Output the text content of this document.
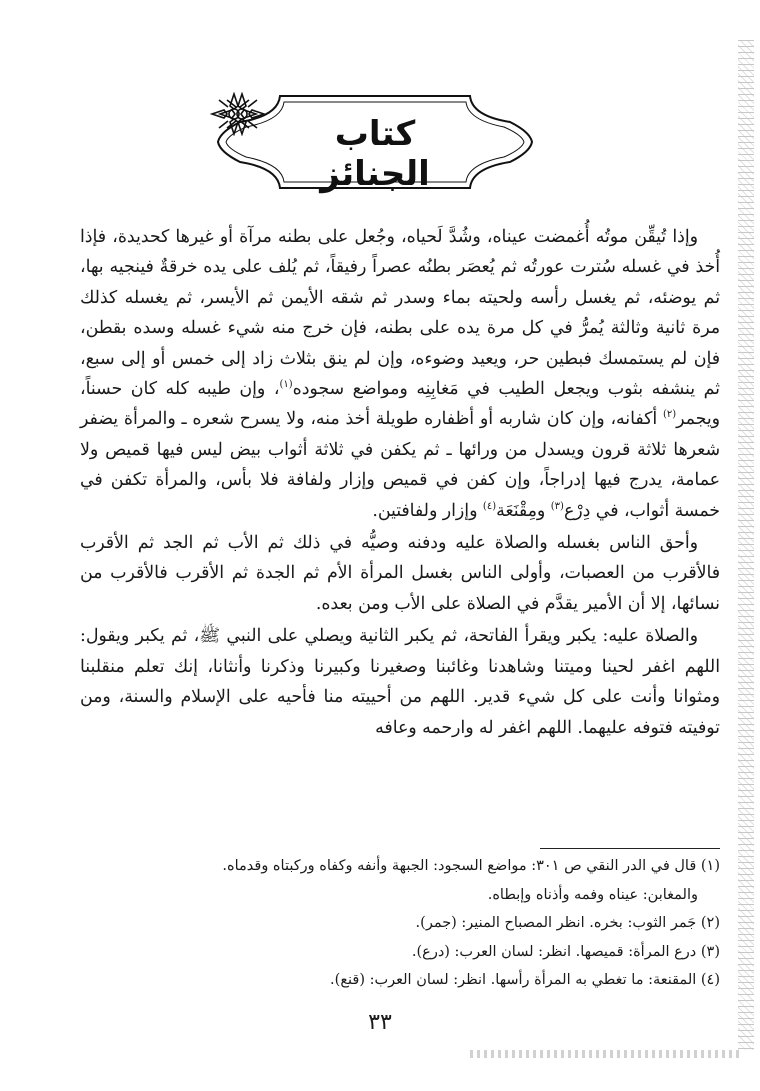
كتاب الجنائز

وإذا تُيقِّن موتُه أُغمضت عيناه، وشُدَّ لَحياه، وجُعل على بطنه مرآة أو غيرها كحديدة، فإذا أُخذ في غسله سُترت عورتُه ثم يُعصَر بطنُه عصراً رفيقاً، ثم يُلف على يده خرقةٌ فينجيه بها، ثم يوضئه، ثم يغسل رأسه ولحيته بماء وسدر ثم شقه الأيمن ثم الأيسر، ثم يغسله كذلك مرة ثانية وثالثة يُمرُّ في كل مرة يده على بطنه، فإن خرج منه شيء غسله وسده بقطن، فإن لم يستمسك فبطين حر، ويعيد وضوءه، وإن لم ينق بثلاث زاد إلى خمس أو إلى سبع، ثم ينشفه بثوب ويجعل الطيب في مَغابِنِه ومواضع سجوده$^{(١)}$، وإن طيبه كله كان حسناً، ويجمر$^{(٢)}$ أكفانه، وإن كان شاربه أو أظفاره طويلة أخذ منه، ولا يسرح شعره ـ والمرأة يضفر شعرها ثلاثة قرون ويسدل من ورائها ـ ثم يكفن في ثلاثة أثواب بيض ليس فيها قميص ولا عمامة، يدرج فيها إدراجاً، وإن كفن في قميص وإزار ولفافة فلا بأس، والمرأة تكفن في خمسة أثواب، في دِرْع$^{(٣)}$ ومِقْنَعَة$^{(٤)}$ وإزار ولفافتين.

وأحق الناس بغسله والصلاة عليه ودفنه وصيُّه في ذلك ثم الأب ثم الجد ثم الأقرب فالأقرب من العصبات، وأولى الناس بغسل المرأة الأم ثم الجدة ثم الأقرب فالأقرب من نسائها، إلا أن الأمير يقدَّم في الصلاة على الأب ومن بعده.

والصلاة عليه: يكبر ويقرأ الفاتحة، ثم يكبر الثانية ويصلي على النبي ﷺ، ثم يكبر ويقول: اللهم اغفر لحينا وميتنا وشاهدنا وغائبنا وصغيرنا وكبيرنا وذكرنا وأنثانا، إنك تعلم منقلبنا ومثوانا وأنت على كل شيء قدير. اللهم من أحييته منا فأحيه على الإسلام والسنة، ومن توفيته فتوفه عليهما. اللهم اغفر له وارحمه وعافه

(١) قال في الدر النقي ص ٣٠١: مواضع السجود: الجبهة وأنفه وكفاه وركبتاه وقدماه.
والمغابن: عيناه وفمه وأذناه وإبطاه.
(٢) جَمر الثوب: بخره. انظر المصباح المنير: (جمر).
(٣) درع المرأة: قميصها. انظر: لسان العرب: (درع).
(٤) المقنعة: ما تغطي به المرأة رأسها. انظر: لسان العرب: (قنع).
٣٣
